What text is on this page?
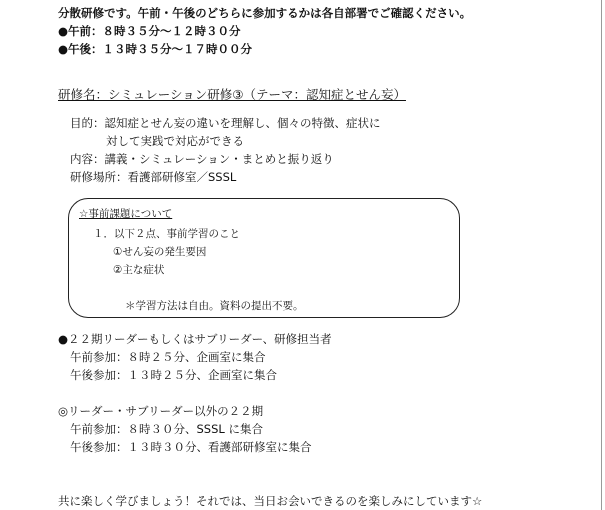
分散研修です。午前・午後のどちらに参加するかは各自部署でご確認ください。
●午前：８時３５分～１２時３０分
●午後：１３時３５分～１７時００分
研修名：シミュレーション研修③（テーマ：認知症とせん妄）
目的：認知症とせん妄の違いを理解し、個々の特徴、症状に
対して実践で対応ができる
内容：講義・シミュレーション・まとめと振り返り
研修場所：看護部研修室／SSSL
☆事前課題について
１．以下２点、事前学習のこと
①せん妄の発生要因
②主な症状
＊学習方法は自由。資料の提出不要。
●２２期リーダーもしくはサブリーダー、研修担当者
午前参加：８時２５分、企画室に集合
午後参加：１３時２５分、企画室に集合
◎リーダー・サブリーダー以外の２２期
午前参加：８時３０分、SSSL に集合
午後参加：１３時３０分、看護部研修室に集合
共に楽しく学びましょう！それでは、当日お会いできるのを楽しみにしています☆
